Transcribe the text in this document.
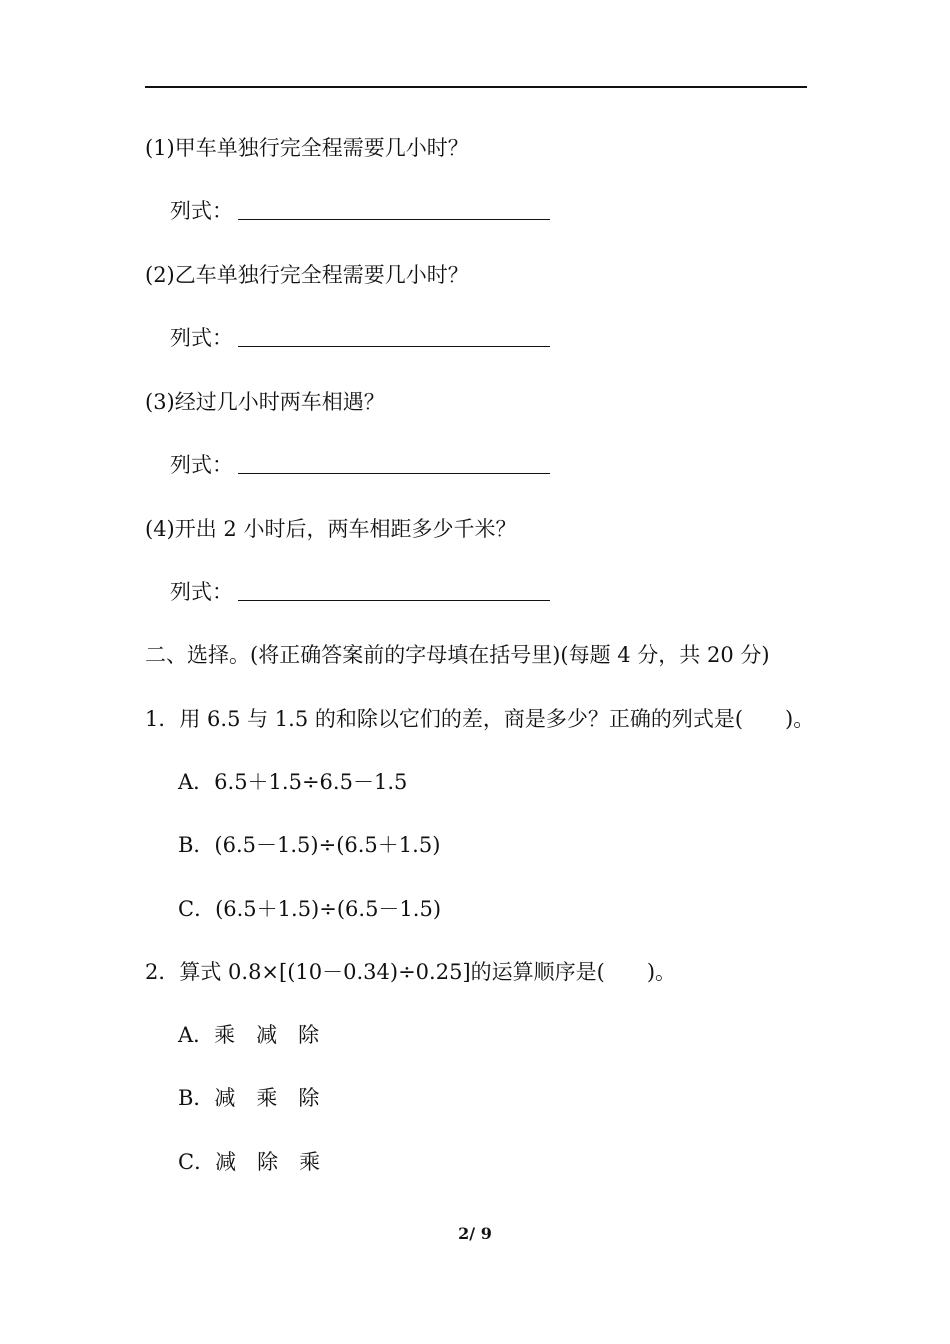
(1)甲车单独行完全程需要几小时？
列式：
(2)乙车单独行完全程需要几小时？
列式：
(3)经过几小时两车相遇？
列式：
(4)开出 2 小时后，两车相距多少千米？
列式：
二、选择。(将正确答案前的字母填在括号里)(每题 4 分，共 20 分)
1．用 6.5 与 1.5 的和除以它们的差，商是多少？正确的列式是(　　)。
A．6.5＋1.5÷6.5－1.5
B．(6.5－1.5)÷(6.5＋1.5)
C．(6.5＋1.5)÷(6.5－1.5)
2．算式 0.8×[(10－0.34)÷0.25]的运算顺序是(　　)。
A．乘　减　除
B．减　乘　除
C．减　除　乘
2/ 9
